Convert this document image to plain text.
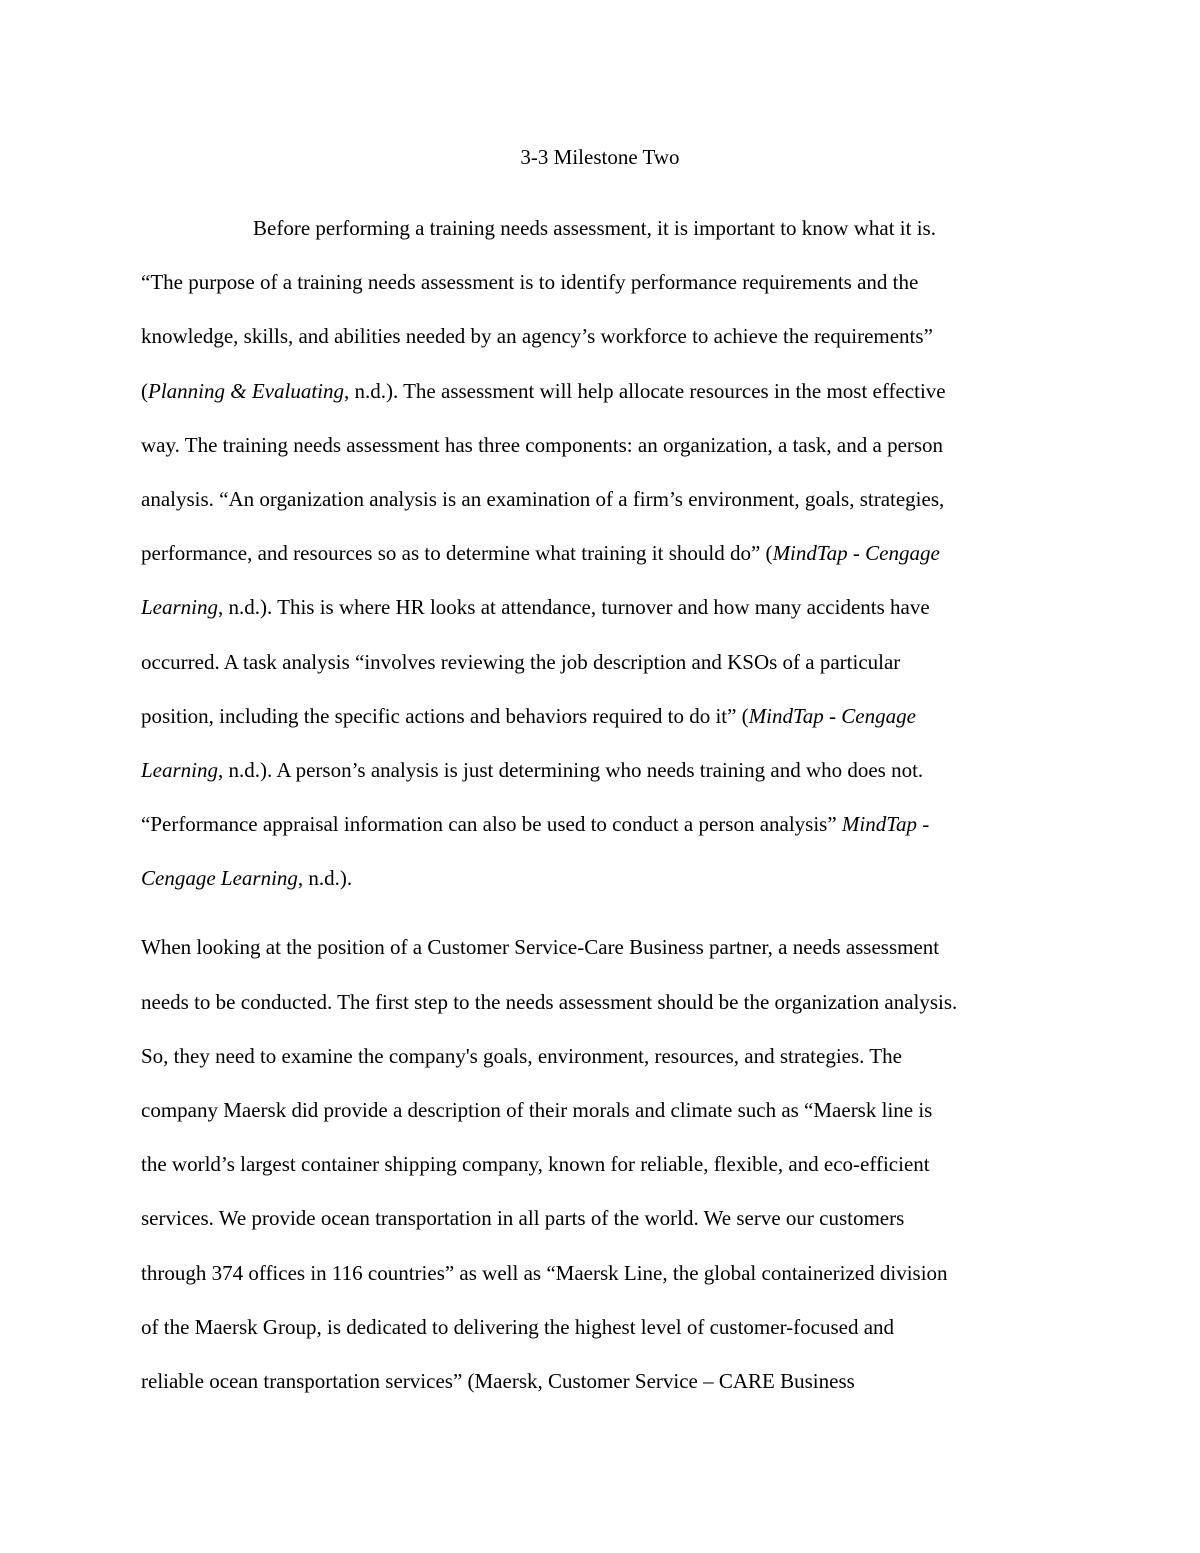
3-3 Milestone Two
Before performing a training needs assessment, it is important to know what it is.
“The purpose of a training needs assessment is to identify performance requirements and the
knowledge, skills, and abilities needed by an agency’s workforce to achieve the requirements”
(Planning & Evaluating, n.d.). The assessment will help allocate resources in the most effective
way. The training needs assessment has three components: an organization, a task, and a person
analysis. “An organization analysis is an examination of a firm’s environment, goals, strategies,
performance, and resources so as to determine what training it should do” (MindTap - Cengage
Learning, n.d.). This is where HR looks at attendance, turnover and how many accidents have
occurred. A task analysis “involves reviewing the job description and KSOs of a particular
position, including the specific actions and behaviors required to do it” (MindTap - Cengage
Learning, n.d.). A person’s analysis is just determining who needs training and who does not.
“Performance appraisal information can also be used to conduct a person analysis” MindTap -
Cengage Learning, n.d.).
When looking at the position of a Customer Service-Care Business partner, a needs assessment
needs to be conducted. The first step to the needs assessment should be the organization analysis.
So, they need to examine the company's goals, environment, resources, and strategies. The
company Maersk did provide a description of their morals and climate such as “Maersk line is
the world’s largest container shipping company, known for reliable, flexible, and eco-efficient
services. We provide ocean transportation in all parts of the world. We serve our customers
through 374 offices in 116 countries” as well as “Maersk Line, the global containerized division
of the Maersk Group, is dedicated to delivering the highest level of customer-focused and
reliable ocean transportation services” (Maersk, Customer Service – CARE Business
